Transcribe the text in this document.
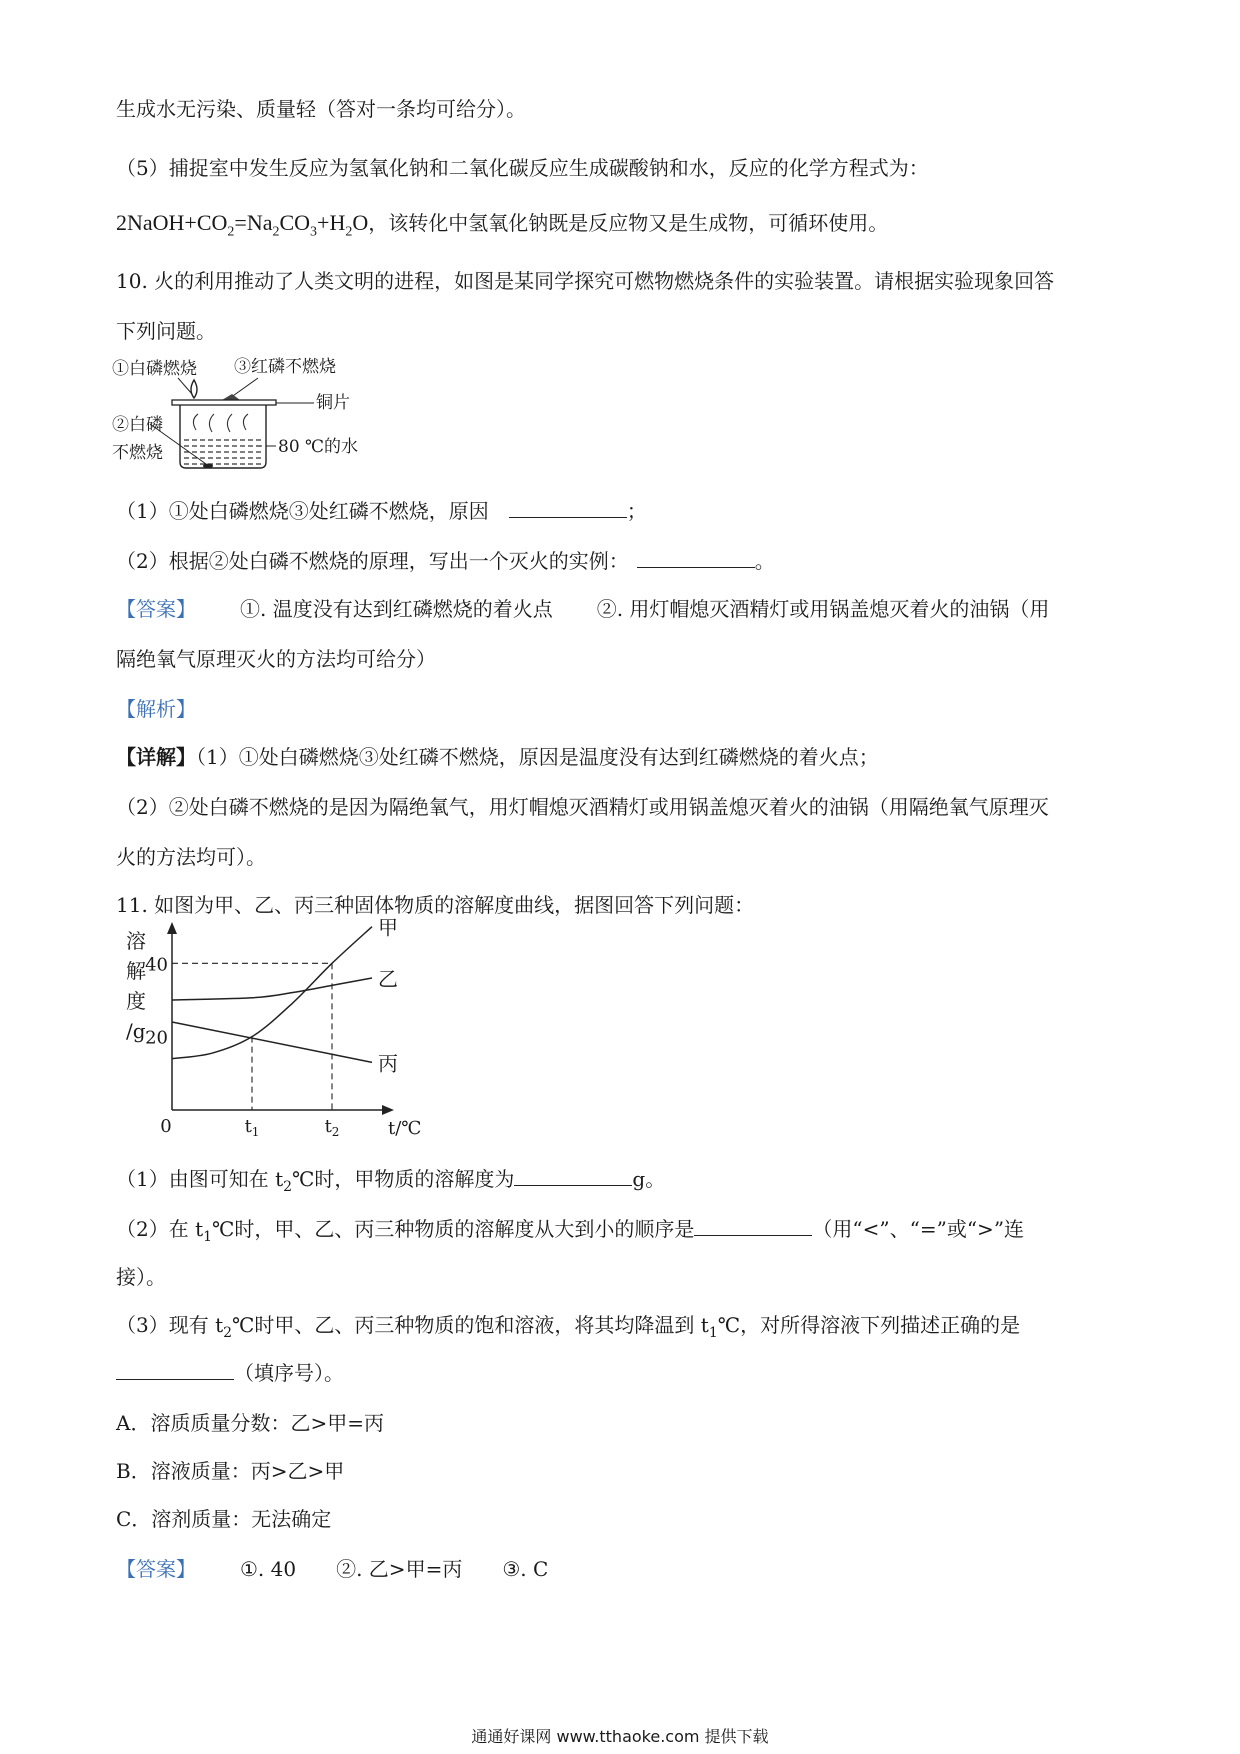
生成水无污染、质量轻（答对一条均可给分）。
（5）捕捉室中发生反应为氢氧化钠和二氧化碳反应生成碳酸钠和水，反应的化学方程式为：
$2NaOH+CO_2=Na_2CO_3+H_2O$，该转化中氢氧化钠既是反应物又是生成物，可循环使用。
10. 火的利用推动了人类文明的进程，如图是某同学探究可燃物燃烧条件的实验装置。请根据实验现象回答
下列问题。
①白磷燃烧 ③红磷不燃烧
铜片
②白磷
不燃烧	80 ℃的水
（1）①处白磷燃烧③处红磷不燃烧，原因	；
（2）根据②处白磷不燃烧的原理，写出一个灭火的实例：	。
【答案】 ①. 温度没有达到红磷燃烧的着火点 ②. 用灯帽熄灭酒精灯或用锅盖熄灭着火的油锅（用
隔绝氧气原理灭火的方法均可给分）
【解析】
【详解】（1）①处白磷燃烧③处红磷不燃烧，原因是温度没有达到红磷燃烧的着火点；
（2）②处白磷不燃烧的是因为隔绝氧气，用灯帽熄灭酒精灯或用锅盖熄灭着火的油锅（用隔绝氧气原理灭
火的方法均可）。
11. 如图为甲、乙、丙三种固体物质的溶解度曲线，据图回答下列问题：
20
40
溶
解
度
/g
0	$t_1$	$t_2$	t/℃
甲
乙
丙
（1）由图可知在 $t_2℃$时，甲物质的溶解度为	g。
（2）在 $t_1℃$时，甲、乙、丙三种物质的溶解度从大到小的顺序是	（用“<”、“=”或“>”连
接）。
（3）现有 $t_2℃$时甲、乙、丙三种物质的饱和溶液，将其均降温到 $t_1℃$，对所得溶液下列描述正确的是
（填序号）。
A．溶质质量分数：乙>甲=丙
B．溶液质量：丙>乙>甲
C．溶剂质量：无法确定
【答案】 ①. 40 ②. 乙>甲=丙 ③. C
通通好课网 www.tthaoke.com 提供下载
